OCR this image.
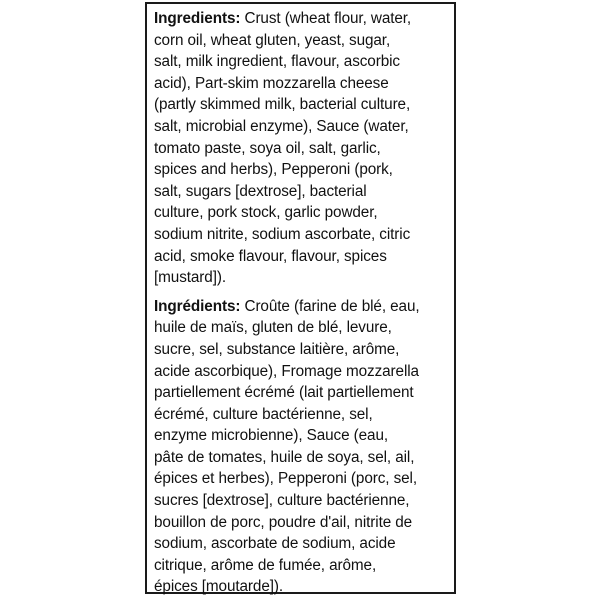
Ingredients: Crust (wheat flour, water,
corn oil, wheat gluten, yeast, sugar,
salt, milk ingredient, flavour, ascorbic
acid), Part-skim mozzarella cheese
(partly skimmed milk, bacterial culture,
salt, microbial enzyme), Sauce (water,
tomato paste, soya oil, salt, garlic,
spices and herbs), Pepperoni (pork,
salt, sugars [dextrose], bacterial
culture, pork stock, garlic powder,
sodium nitrite, sodium ascorbate, citric
acid, smoke flavour, flavour, spices
[mustard]).

Ingrédients: Croûte (farine de blé, eau,
huile de maïs, gluten de blé, levure,
sucre, sel, substance laitière, arôme,
acide ascorbique), Fromage mozzarella
partiellement écrémé (lait partiellement
écrémé, culture bactérienne, sel,
enzyme microbienne), Sauce (eau,
pâte de tomates, huile de soya, sel, ail,
épices et herbes), Pepperoni (porc, sel,
sucres [dextrose], culture bactérienne,
bouillon de porc, poudre d'ail, nitrite de
sodium, ascorbate de sodium, acide
citrique, arôme de fumée, arôme,
épices [moutarde]).
